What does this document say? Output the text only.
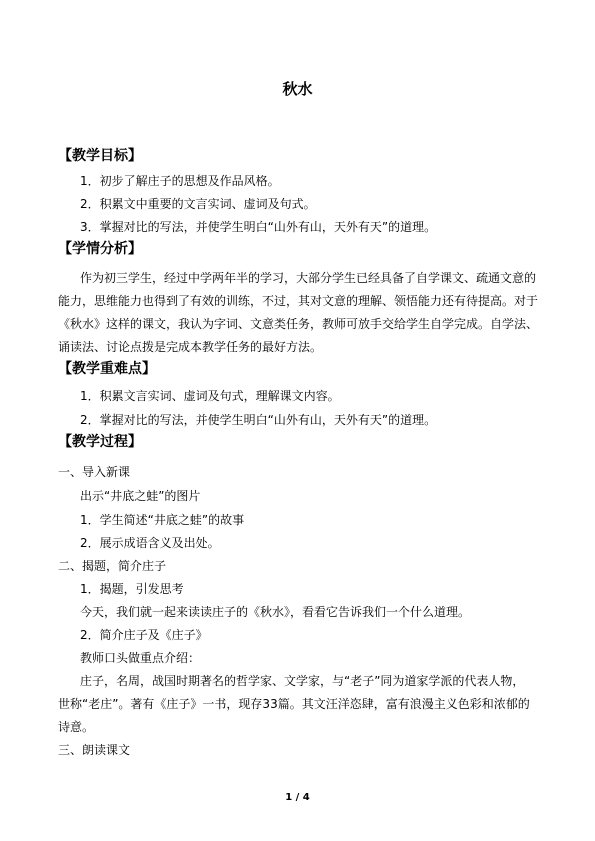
秋水
【教学目标】
1．初步了解庄子的思想及作品风格。
2．积累文中重要的文言实词、虚词及句式。
3．掌握对比的写法，并使学生明白“山外有山，天外有天”的道理。
【学情分析】
作为初三学生，经过中学两年半的学习，大部分学生已经具备了自学课文、疏通文意的
能力，思维能力也得到了有效的训练，不过，其对文意的理解、领悟能力还有待提高。对于
《秋水》这样的课文，我认为字词、文意类任务，教师可放手交给学生自学完成。自学法、
诵读法、讨论点拨是完成本教学任务的最好方法。
【教学重难点】
1．积累文言实词、虚词及句式，理解课文内容。
2．掌握对比的写法，并使学生明白“山外有山，天外有天”的道理。
【教学过程】
一、导入新课
出示“井底之蛙”的图片
1．学生简述“井底之蛙”的故事
2．展示成语含义及出处。
二、揭题，简介庄子
1．揭题，引发思考
今天，我们就一起来读读庄子的《秋水》，看看它告诉我们一个什么道理。
2．简介庄子及《庄子》
教师口头做重点介绍：
庄子，名周，战国时期著名的哲学家、文学家，与“老子”同为道家学派的代表人物，
世称“老庄”。著有《庄子》一书，现存33篇。其文汪洋恣肆，富有浪漫主义色彩和浓郁的
诗意。
三、朗读课文
1 / 4
